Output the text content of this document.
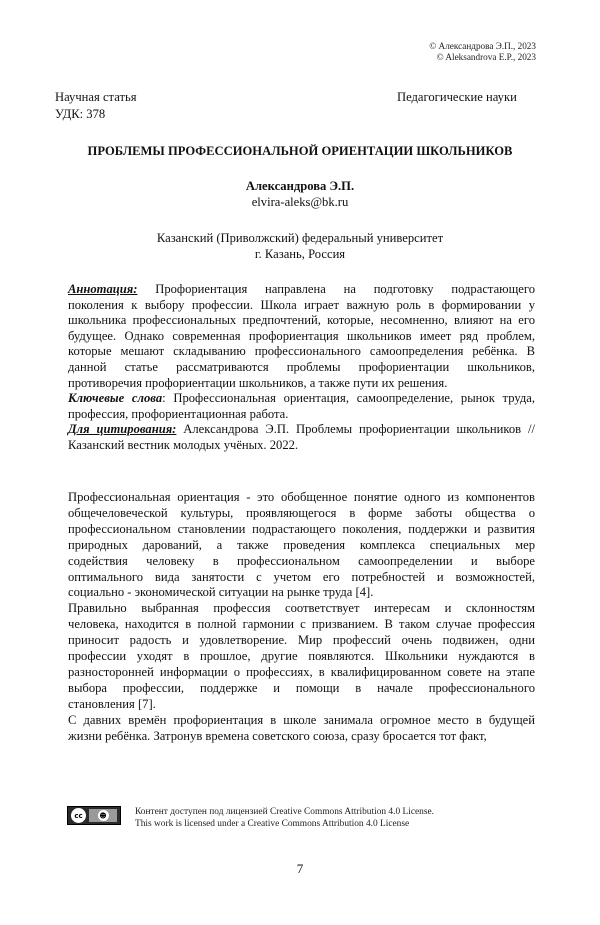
© Александрова Э.П., 2023
© Aleksandrova E.P., 2023
Научная статья
УДК: 378
Педагогические науки
ПРОБЛЕМЫ ПРОФЕССИОНАЛЬНОЙ ОРИЕНТАЦИИ ШКОЛЬНИКОВ
Александрова Э.П.
elvira-aleks@bk.ru
Казанский (Приволжский) федеральный университет
г. Казань, Россия
Аннотация: Профориентация направлена на подготовку подрастающего
поколения к выбору профессии. Школа играет важную роль в формировании у
школьника профессиональных предпочтений, которые, несомненно, влияют на его
будущее. Однако современная профориентация школьников имеет ряд проблем,
которые мешают складыванию профессионального самоопределения ребёнка. В
данной статье рассматриваются проблемы профориентации школьников,
противоречия профориентации школьников, а также пути их решения.
Ключевые слова: Профессиональная ориентация, самоопределение, рынок труда,
профессия, профориентационная работа.
Для цитирования: Александрова Э.П. Проблемы профориентации школьников //
Казанский вестник молодых учёных. 2022.
Профессиональная ориентация - это обобщенное понятие одного из компонентов
общечеловеческой культуры, проявляющегося в форме заботы общества о
профессиональном становлении подрастающего поколения, поддержки и развития
природных дарований, а также проведения комплекса специальных мер
содействия человеку в профессиональном самоопределении и выборе
оптимального вида занятости с учетом его потребностей и возможностей,
социально - экономической ситуации на рынке труда [4].
Правильно выбранная профессия соответствует интересам и склонностям
человека, находится в полной гармонии с призванием. В таком случае профессия
приносит радость и удовлетворение. Мир профессий очень подвижен, одни
профессии уходят в прошлое, другие появляются. Школьники нуждаются в
разносторонней информации о профессиях, в квалифицированном совете на этапе
выбора профессии, поддержке и помощи в начале профессионального
становления [7].
С давних времён профориентация в школе занимала огромное место в будущей
жизни ребёнка. Затронув времена советского союза, сразу бросается тот факт,
cc	☻	Контент доступен под лицензией Creative Commons Attribution 4.0 License.
This work is licensed under a Creative Commons Attribution 4.0 License
7
